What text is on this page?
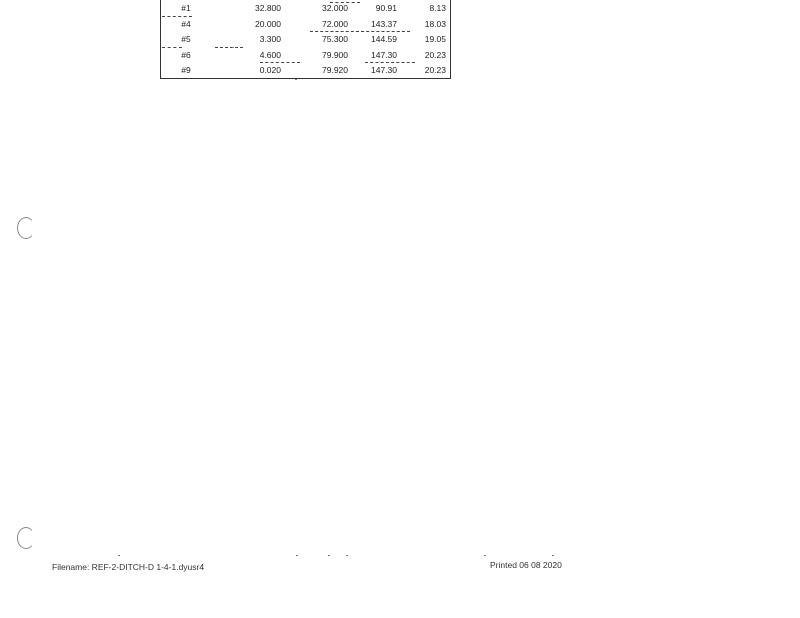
#1	32.800	32.000	90.91	8.13
#4	20.000	72.000	143.37	18.03
#5	3.300	75.300	144.59	19.05
#6	4.600	79.900	147.30	20.23
#9	0.020	79.920	147.30	20.23
Filename: REF-2-DITCH-D 1-4-1.dyusr4	Printed 06 08 2020
